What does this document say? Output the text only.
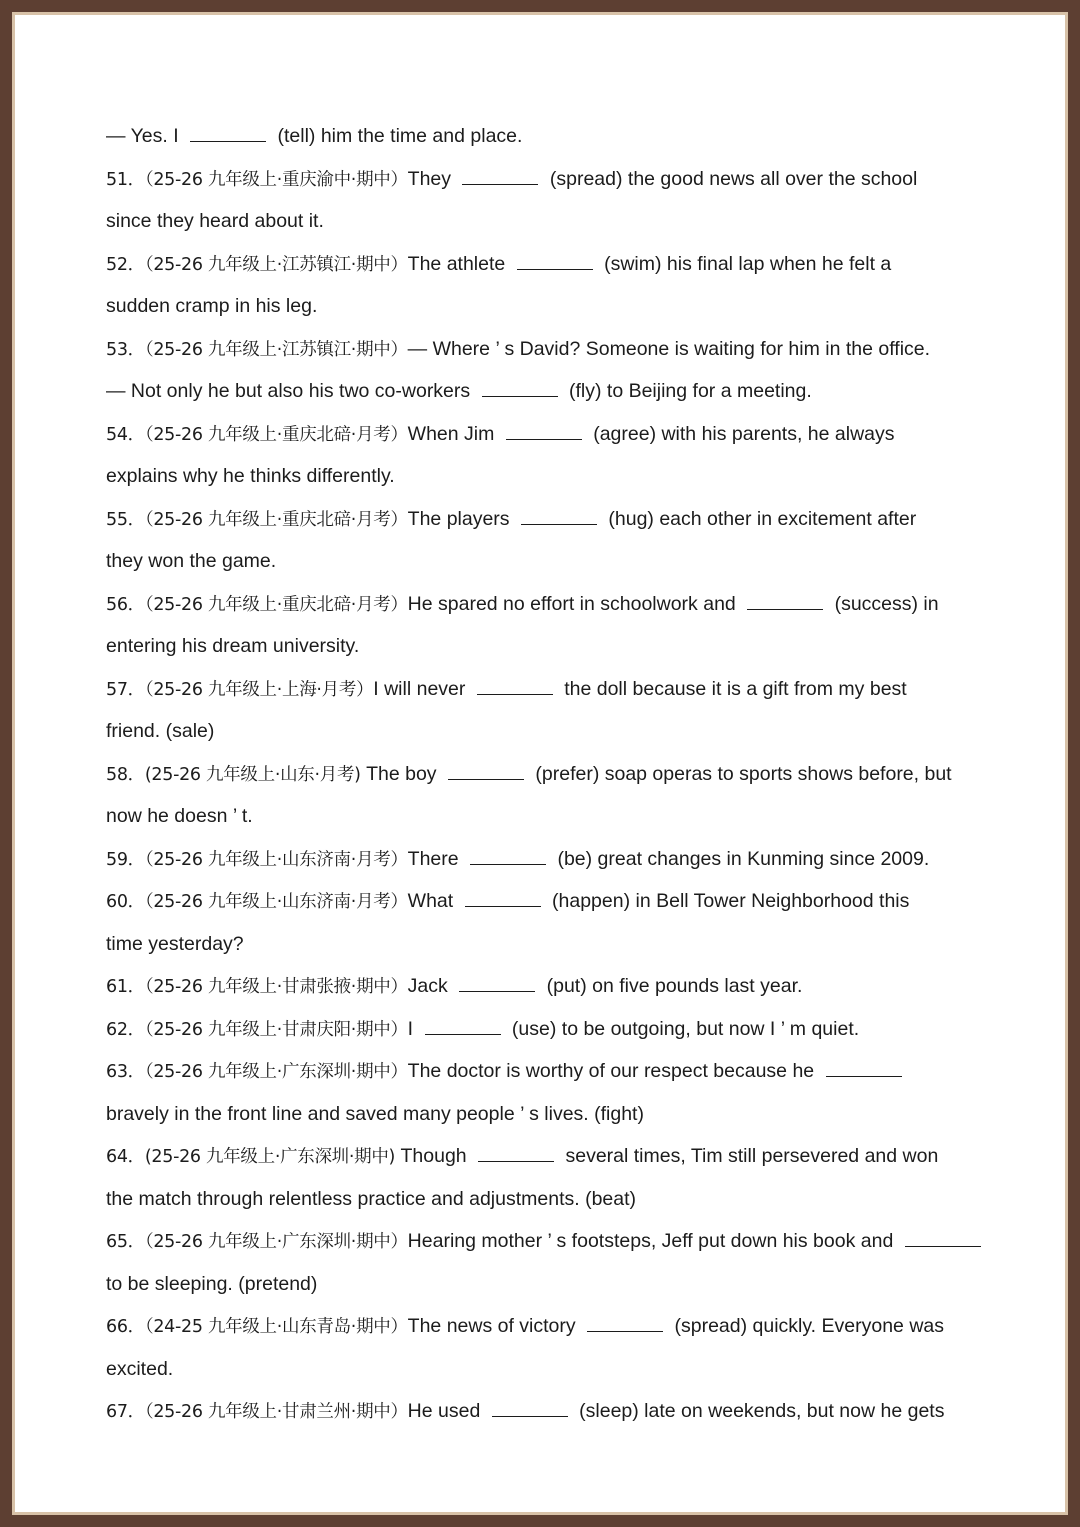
— Yes. I	(tell) him the time and place.
51．（25-26 九年级上·重庆渝中·期中）They	(spread) the good news all over the school
since they heard about it.
52．（25-26 九年级上·江苏镇江·期中）The athlete	(swim) his final lap when he felt a
sudden cramp in his leg.
53．（25-26 九年级上·江苏镇江·期中）— Where ’ s David? Someone is waiting for him in the office.
— Not only he but also his two co-workers	(fly) to Beijing for a meeting.
54．（25-26 九年级上·重庆北碚·月考）When Jim	(agree) with his parents, he always
explains why he thinks differently.
55．（25-26 九年级上·重庆北碚·月考）The players	(hug) each other in excitement after
they won the game.
56．（25-26 九年级上·重庆北碚·月考）He spared no effort in schoolwork and	(success) in
entering his dream university.
57．（25-26 九年级上·上海·月考）I will never	the doll because it is a gift from my best
friend. (sale)
58．(25-26 九年级上·山东·月考) The boy	(prefer) soap operas to sports shows before, but
now he doesn ’ t.
59．（25-26 九年级上·山东济南·月考）There	(be) great changes in Kunming since 2009.
60．（25-26 九年级上·山东济南·月考）What	(happen) in Bell Tower Neighborhood this
time yesterday?
61．（25-26 九年级上·甘肃张掖·期中）Jack	(put) on five pounds last year.
62．（25-26 九年级上·甘肃庆阳·期中）I	(use) to be outgoing, but now I ’ m quiet.
63．（25-26 九年级上·广东深圳·期中）The doctor is worthy of our respect because he
bravely in the front line and saved many people ’ s lives. (fight)
64．(25-26 九年级上·广东深圳·期中) Though	several times, Tim still persevered and won
the match through relentless practice and adjustments. (beat)
65．（25-26 九年级上·广东深圳·期中）Hearing mother ’ s footsteps, Jeff put down his book and
to be sleeping. (pretend)
66．（24-25 九年级上·山东青岛·期中）The news of victory	(spread) quickly. Everyone was
excited.
67．（25-26 九年级上·甘肃兰州·期中）He used	(sleep) late on weekends, but now he gets
